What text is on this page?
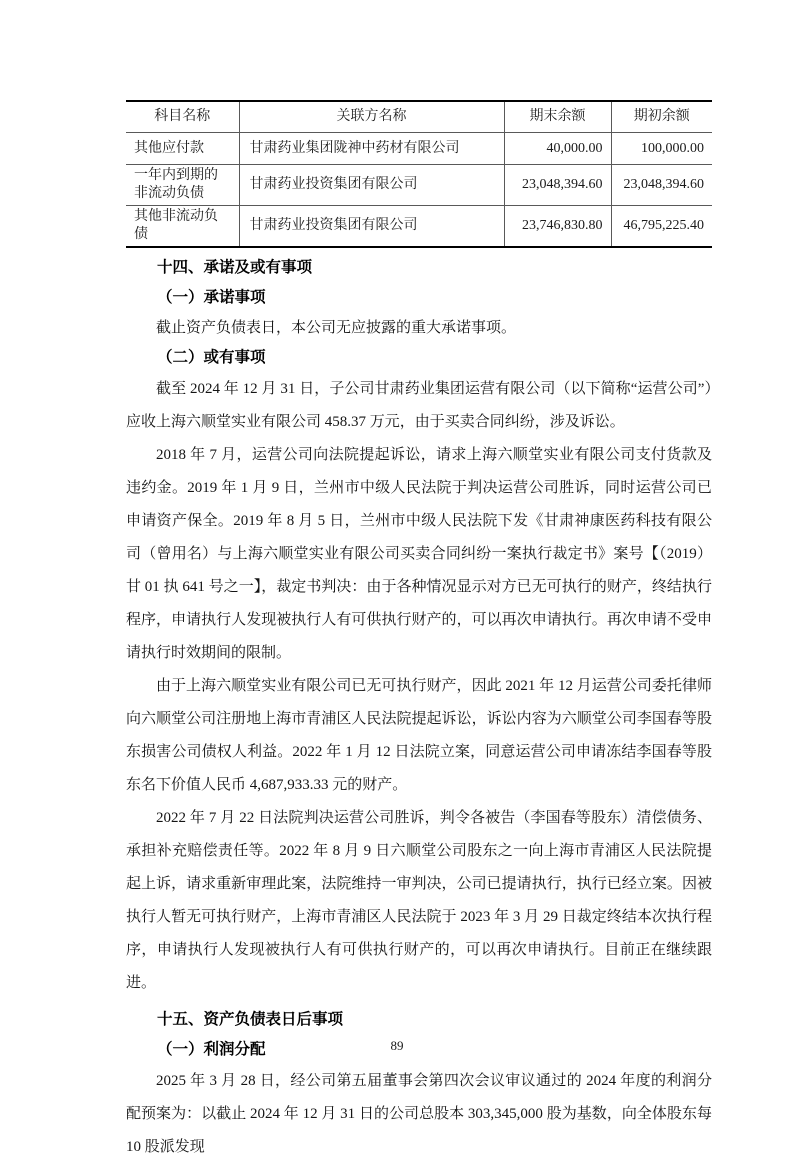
科目名称	关联方名称	期末余额	期初余额
其他应付款	甘肃药业集团陇神中药材有限公司	40,000.00	100,000.00
一年内到期的非流动负债	甘肃药业投资集团有限公司	23,048,394.60	23,048,394.60
其他非流动负债	甘肃药业投资集团有限公司	23,746,830.80	46,795,225.40

十四、承诺及或有事项

（一）承诺事项

截止资产负债表日，本公司无应披露的重大承诺事项。

（二）或有事项

截至 2024 年 12 月 31 日，子公司甘肃药业集团运营有限公司（以下简称“运营公司”）应收上海六顺堂实业有限公司 458.37 万元，由于买卖合同纠纷，涉及诉讼。

2018 年 7 月，运营公司向法院提起诉讼，请求上海六顺堂实业有限公司支付货款及违约金。2019 年 1 月 9 日，兰州市中级人民法院于判决运营公司胜诉，同时运营公司已申请资产保全。2019 年 8 月 5 日，兰州市中级人民法院下发《甘肃神康医药科技有限公司（曾用名）与上海六顺堂实业有限公司买卖合同纠纷一案执行裁定书》案号【（2019）甘 01 执 641 号之一】，裁定书判决：由于各种情况显示对方已无可执行的财产，终结执行程序，申请执行人发现被执行人有可供执行财产的，可以再次申请执行。再次申请不受申请执行时效期间的限制。

由于上海六顺堂实业有限公司已无可执行财产，因此 2021 年 12 月运营公司委托律师向六顺堂公司注册地上海市青浦区人民法院提起诉讼，诉讼内容为六顺堂公司李国春等股东损害公司债权人利益。2022 年 1 月 12 日法院立案，同意运营公司申请冻结李国春等股东名下价值人民币 4,687,933.33 元的财产。

2022 年 7 月 22 日法院判决运营公司胜诉，判令各被告（李国春等股东）清偿债务、承担补充赔偿责任等。2022 年 8 月 9 日六顺堂公司股东之一向上海市青浦区人民法院提起上诉，请求重新审理此案，法院维持一审判决，公司已提请执行，执行已经立案。因被执行人暂无可执行财产，上海市青浦区人民法院于 2023 年 3 月 29 日裁定终结本次执行程序，申请执行人发现被执行人有可供执行财产的，可以再次申请执行。目前正在继续跟进。

十五、资产负债表日后事项

（一）利润分配

2025 年 3 月 28 日，经公司第五届董事会第四次会议审议通过的 2024 年度的利润分配预案为：以截止 2024 年 12 月 31 日的公司总股本 303,345,000 股为基数，向全体股东每 10 股派发现

89
